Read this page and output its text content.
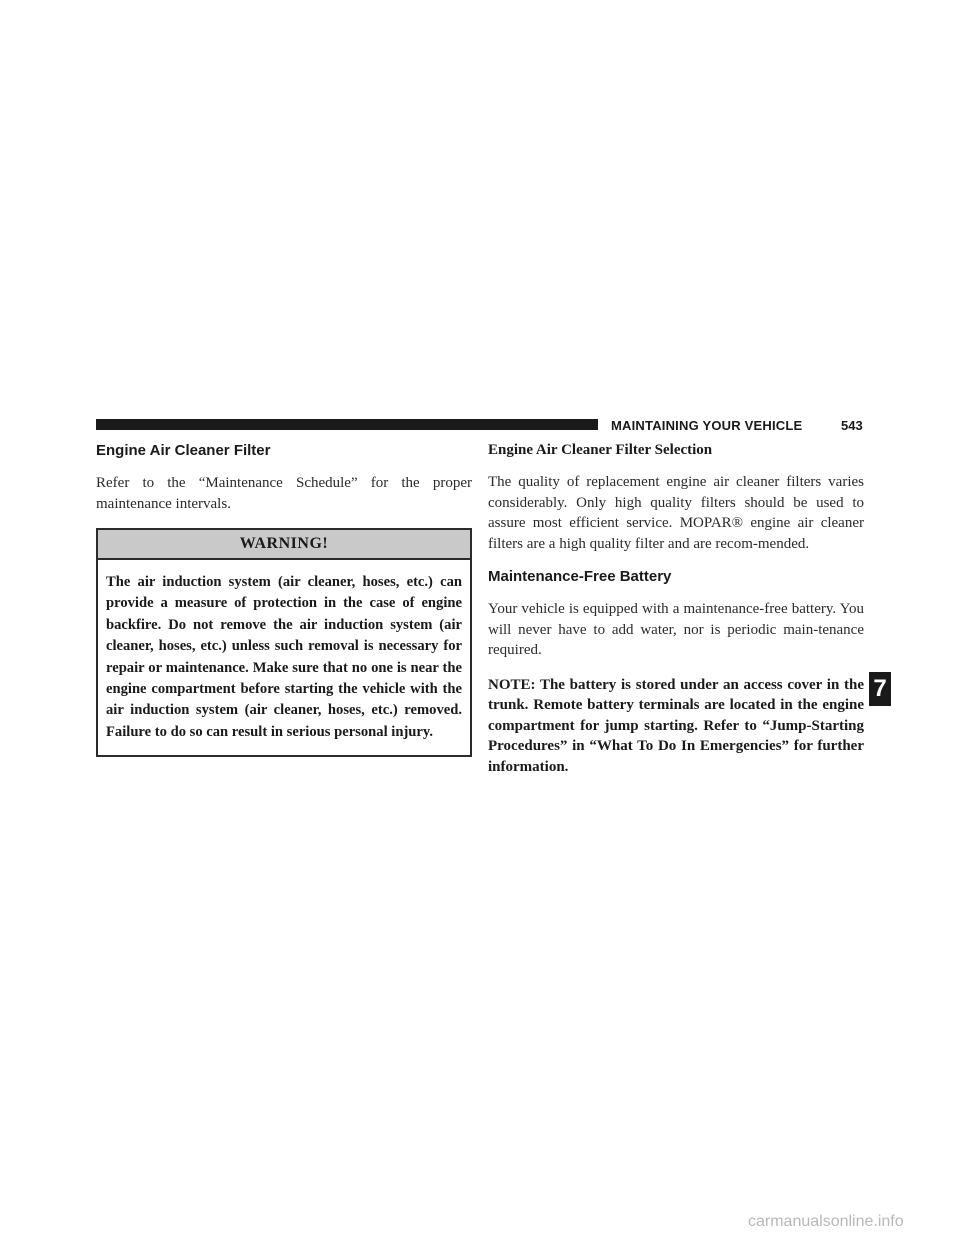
MAINTAINING YOUR VEHICLE	543
Engine Air Cleaner Filter

Refer to the “Maintenance Schedule” for the proper maintenance intervals.

WARNING!
The air induction system (air cleaner, hoses, etc.) can provide a measure of protection in the case of engine backfire. Do not remove the air induction system (air cleaner, hoses, etc.) unless such removal is necessary for repair or maintenance. Make sure that no one is near the engine compartment before starting the vehicle with the air induction system (air cleaner, hoses, etc.) removed. Failure to do so can result in serious personal injury.
Engine Air Cleaner Filter Selection

The quality of replacement engine air cleaner filters varies considerably. Only high quality filters should be used to assure most efficient service. MOPAR® engine air cleaner filters are a high quality filter and are recom-mended.

Maintenance-Free Battery

Your vehicle is equipped with a maintenance-free battery. You will never have to add water, nor is periodic main-tenance required.

NOTE: The battery is stored under an access cover in the trunk. Remote battery terminals are located in the engine compartment for jump starting. Refer to “Jump-Starting Procedures” in “What To Do In Emergencies” for further information.

7
carmanualsonline.info
